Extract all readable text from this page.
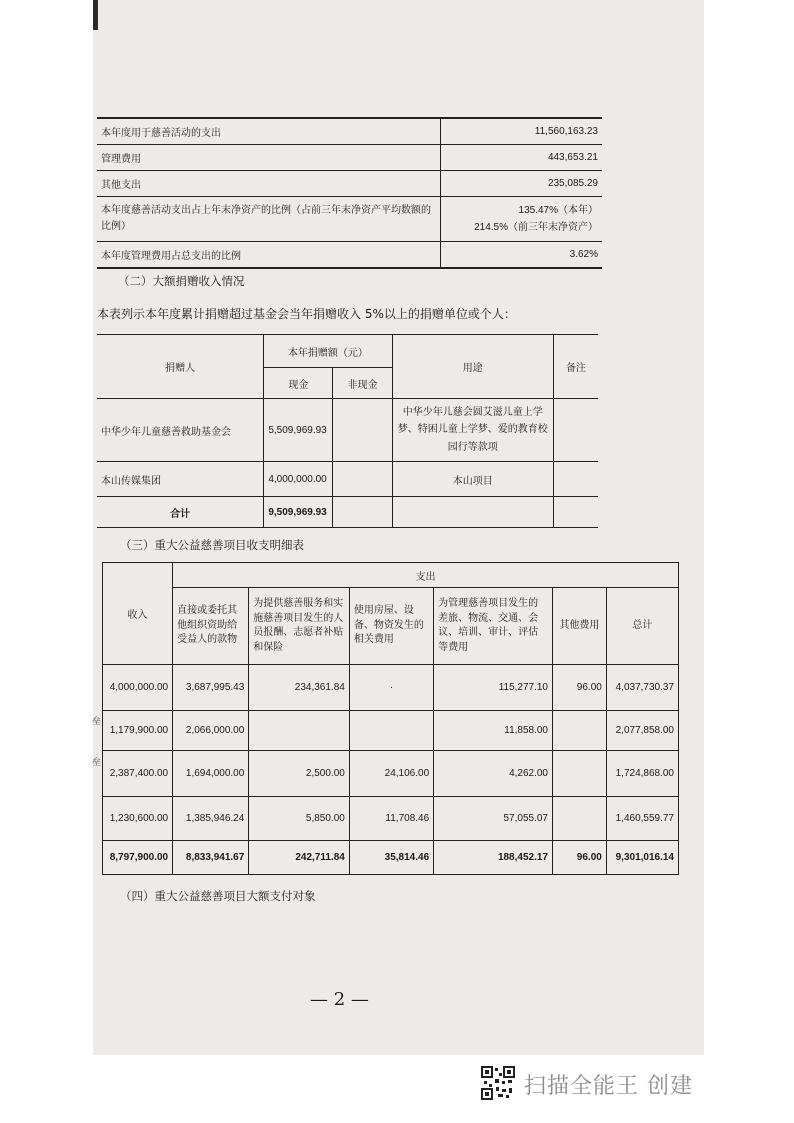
本年度用于慈善活动的支出	11,560,163.23
管理费用	443,653.21
其他支出	235,085.29
本年度慈善活动支出占上年末净资产的比例（占前三年末净资产平均数额的比例）	135.47%（本年）
214.5%（前三年末净资产）

本年度管理费用占总支出的比例	3.62%
（二）大额捐赠收入情况
本表列示本年度累计捐赠超过基金会当年捐赠收入 5%以上的捐赠单位或个人：
捐赠人	本年捐赠额（元）		用途	备注
	现金	非现金		
中华少年儿童慈善救助基金会	5,509,969.93		中华少年儿慈会圆艾滋儿童上学梦、特困儿童上学梦、爱的教育校园行等款项	
本山传媒集团	4,000,000.00		本山项目	
合计	9,509,969.93			
（三）重大公益慈善项目收支明细表
收入	支出					
	直接或委托其他组织资助给受益人的款物	为提供慈善服务和实施慈善项目发生的人员报酬、志愿者补贴和保险	使用房屋、设备、物资发生的相关费用	为管理慈善项目发生的差旅、物流、交通、会议、培训、审计、评估等费用	其他费用	总计
4,000,000.00	3,687,995.43	234,361.84	·	115,277.10	96.00	4,037,730.37
1,179,900.00	2,066,000.00			11,858.00		2,077,858.00
2,387,400.00	1,694,000.00	2,500.00	24,106.00	4,262.00		1,724,868.00
1,230,600.00	1,385,946.24	5,850.00	11,708.46	57,055.07		1,460,559.77
8,797,900.00	8,833,941.67	242,711.84	35,814.46	188,452.17	96.00	9,301,016.14
垒
垒
（四）重大公益慈善项目大额支付对象
— 2 —
扫描全能王 创建
